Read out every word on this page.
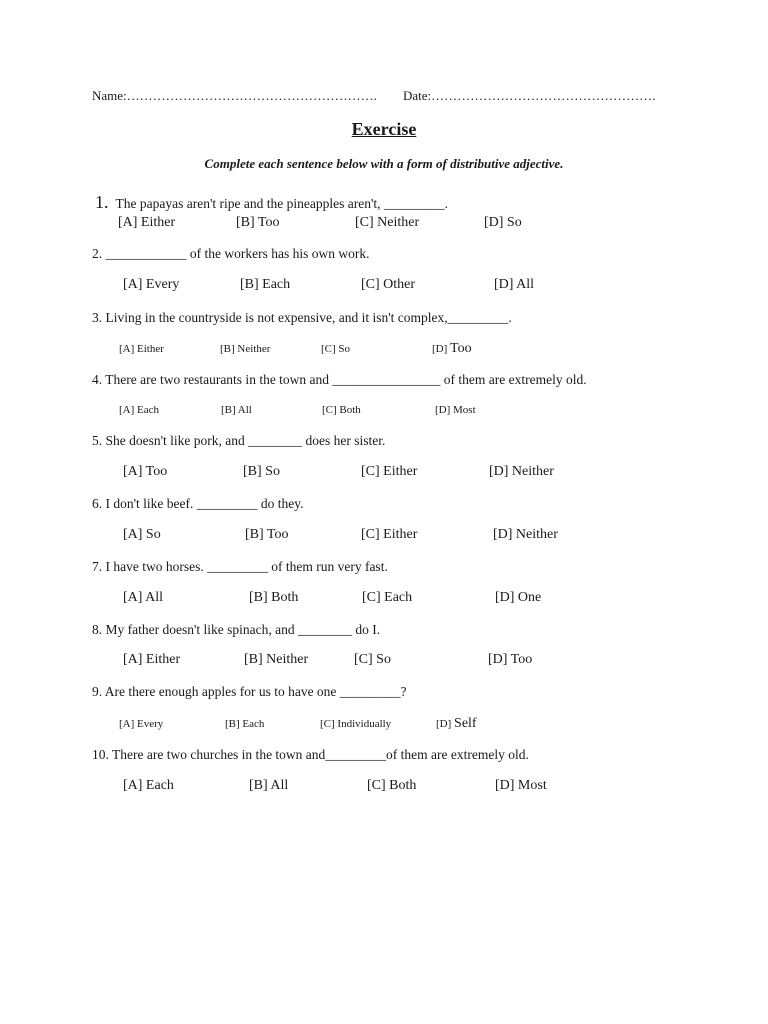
Name:…………………………………………………. Date:…………………………………………….
Exercise
Complete each sentence below with a form of distributive adjective.
1. The papayas aren't ripe and the pineapples aren't, _________.
[A] Either	[B] Too	[C] Neither	[D] So
2. ____________ of the workers has his own work.
[A] Every	[B] Each	[C] Other	[D] All
3. Living in the countryside is not expensive, and it isn't complex,_________.
[A] Either	[B] Neither	[C] So	[D] Too
4. There are two restaurants in the town and ________________ of them are extremely old.
[A] Each	[B] All	[C] Both	[D] Most
5. She doesn't like pork, and ________ does her sister.
[A] Too	[B] So	[C] Either	[D] Neither
6. I don't like beef. _________ do they.
[A] So	[B] Too	[C] Either	[D] Neither
7. I have two horses. _________ of them run very fast.
[A] All	[B] Both	[C] Each	[D] One
8. My father doesn't like spinach, and ________ do I.
[A] Either	[B] Neither	[C] So	[D] Too
9. Are there enough apples for us to have one _________?
[A] Every	[B] Each	[C] Individually	[D] Self
10. There are two churches in the town and_________of them are extremely old.
[A] Each	[B] All	[C] Both	[D] Most
